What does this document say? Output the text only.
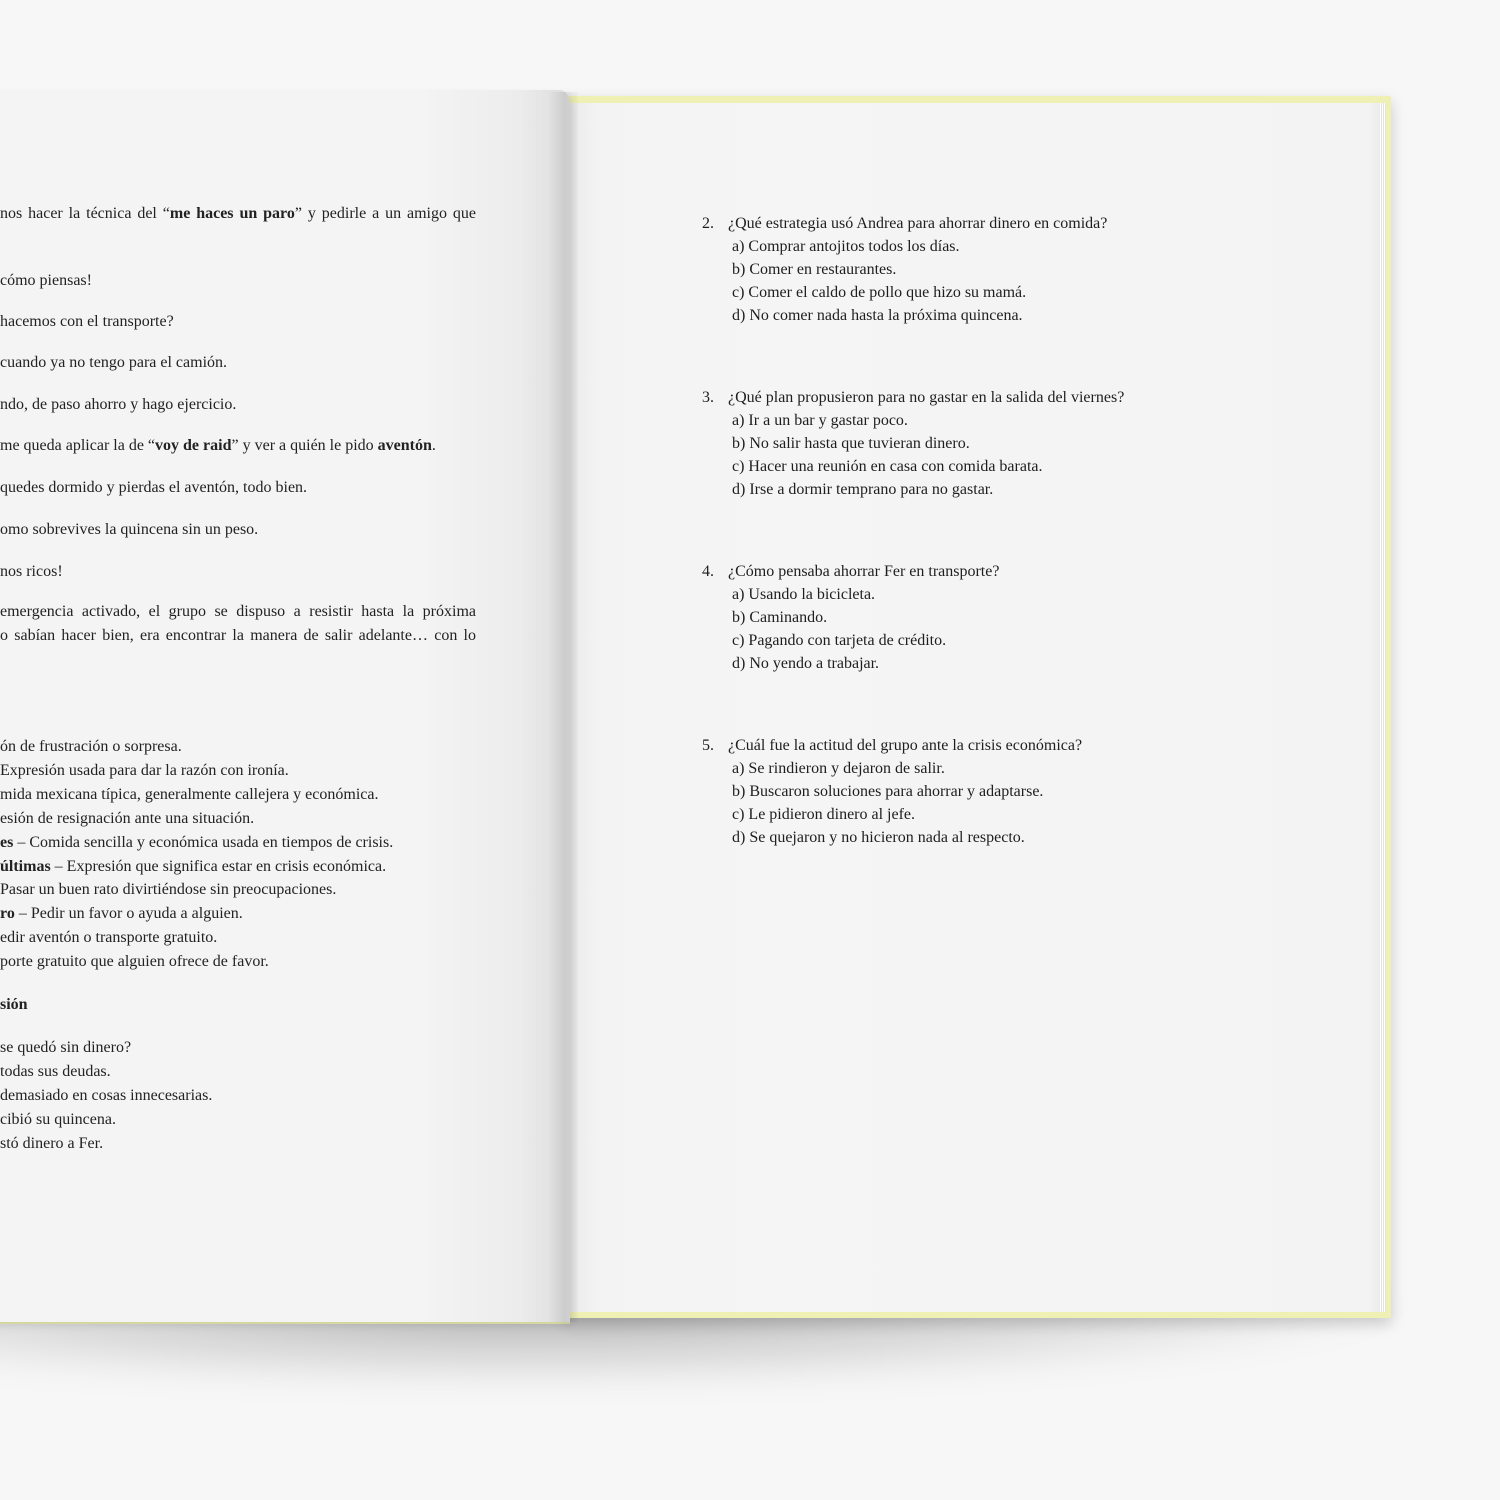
2. ¿Qué estrategia usó Andrea para ahorrar dinero en comida?
a) Comprar antojitos todos los días.
b) Comer en restaurantes.
c) Comer el caldo de pollo que hizo su mamá.
d) No comer nada hasta la próxima quincena.
3. ¿Qué plan propusieron para no gastar en la salida del viernes?
a) Ir a un bar y gastar poco.
b) No salir hasta que tuvieran dinero.
c) Hacer una reunión en casa con comida barata.
d) Irse a dormir temprano para no gastar.
4. ¿Cómo pensaba ahorrar Fer en transporte?
a) Usando la bicicleta.
b) Caminando.
c) Pagando con tarjeta de crédito.
d) No yendo a trabajar.
5. ¿Cuál fue la actitud del grupo ante la crisis económica?
a) Se rindieron y dejaron de salir.
b) Buscaron soluciones para ahorrar y adaptarse.
c) Le pidieron dinero al jefe.
d) Se quejaron y no hicieron nada al respecto.
nos hacer la técnica del “me haces un paro” y pedirle a un amigo que
cómo piensas!
hacemos con el transporte?
cuando ya no tengo para el camión.
ndo, de paso ahorro y hago ejercicio.
me queda aplicar la de “voy de raid” y ver a quién le pido aventón.
quedes dormido y pierdas el aventón, todo bien.
omo sobrevives la quincena sin un peso.
nos ricos!
emergencia activado, el grupo se dispuso a resistir hasta la próxima
o sabían hacer bien, era encontrar la manera de salir adelante… con lo
ón de frustración o sorpresa.
Expresión usada para dar la razón con ironía.
mida mexicana típica, generalmente callejera y económica.
esión de resignación ante una situación.
es – Comida sencilla y económica usada en tiempos de crisis.
últimas – Expresión que significa estar en crisis económica.
Pasar un buen rato divirtiéndose sin preocupaciones.
ro – Pedir un favor o ayuda a alguien.
edir aventón o transporte gratuito.
porte gratuito que alguien ofrece de favor.
sión
se quedó sin dinero?
todas sus deudas.
demasiado en cosas innecesarias.
cibió su quincena.
stó dinero a Fer.
